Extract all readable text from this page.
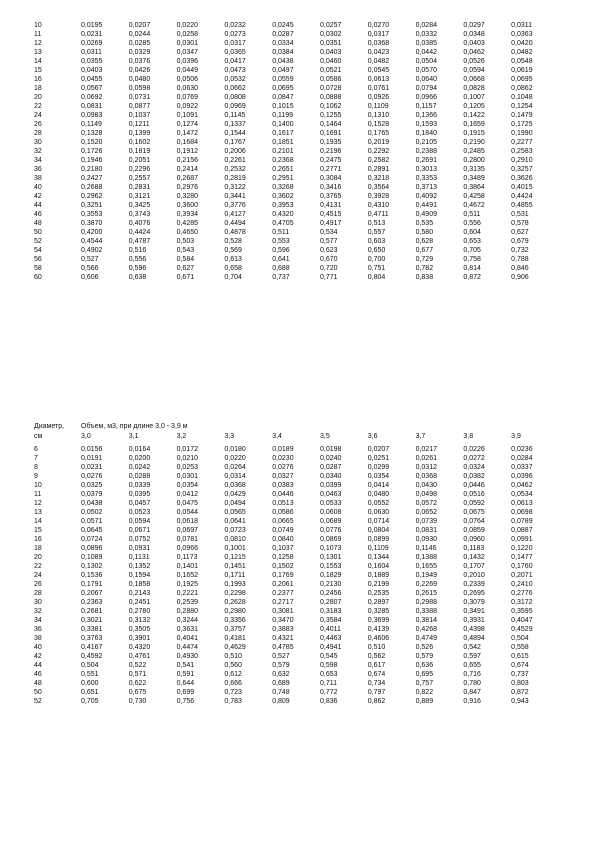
10	0,0195	0,0207	0,0220	0,0232	0,0245	0,0257	0,0270	0,0284	0,0297	0,0311
11	0,0231	0,0244	0,0258	0,0273	0,0287	0,0302	0,0317	0,0332	0,0348	0,0363
12	0,0269	0,0285	0,0301	0,0317	0,0334	0,0351	0,0368	0,0385	0,0403	0,0420
13	0,0311	0,0329	0,0347	0,0365	0,0384	0,0403	0,0423	0,0442	0,0462	0,0482
14	0,0355	0,0376	0,0396	0,0417	0,0438	0,0460	0,0482	0,0504	0,0526	0,0548
15	0,0403	0,0426	0,0449	0,0473	0,0497	0,0521	0,0545	0,0570	0,0594	0,0619
16	0,0455	0,0480	0,0506	0,0532	0,0559	0,0586	0,0613	0,0640	0,0668	0,0695
18	0,0567	0,0598	0,0630	0,0662	0,0695	0,0728	0,0761	0,0794	0,0828	0,0862
20	0,0692	0,0731	0,0769	0,0808	0,0847	0,0888	0,0926	0,0966	0,1007	0,1048
22	0,0831	0,0877	0,0922	0,0969	0,1015	0,1062	0,1109	0,1157	0,1205	0,1254
24	0,0983	0,1037	0,1091	0,1145	0,1199	0,1255	0,1310	0,1366	0,1422	0,1479
26	0,1149	0,1211	0,1274	0,1337	0,1400	0,1464	0,1528	0,1593	0,1659	0,1725
28	0,1328	0,1399	0,1472	0,1544	0,1617	0,1691	0,1765	0,1840	0,1915	0,1990
30	0,1520	0,1602	0,1684	0,1767	0,1851	0,1935	0,2019	0,2105	0,2190	0,2277
32	0,1726	0,1819	0,1912	0,2006	0,2101	0,2196	0,2292	0,2388	0,2485	0,2583
34	0,1946	0,2051	0,2156	0,2261	0,2368	0,2475	0,2582	0,2691	0,2800	0,2910
36	0,2180	0,2296	0,2414	0,2532	0,2651	0,2771	0,2891	0,3013	0,3135	0,3257
38	0,2427	0,2557	0,2687	0,2819	0,2951	0,3084	0,3218	0,3353	0,3489	0,3626
40	0,2688	0,2831	0,2976	0,3122	0,3268	0,3416	0,3564	0,3713	0,3864	0,4015
42	0,2962	0,3121	0,3280	0,3441	0,3602	0,3765	0,3928	0,4092	0,4258	0,4424
44	0,3251	0,3425	0,3600	0,3776	0,3953	0,4131	0,4310	0,4491	0,4672	0,4855
46	0,3553	0,3743	0,3934	0,4127	0,4320	0,4515	0,4711	0,4909	0,511	0,531
48	0,3870	0,4076	0,4285	0,4494	0,4705	0,4917	0,513	0,535	0,556	0,578
50	0,4200	0,4424	0,4650	0,4878	0,511	0,534	0,557	0,580	0,604	0,627
52	0,4544	0,4787	0,503	0,528	0,553	0,577	0,603	0,628	0,653	0,679
54	0,4902	0,516	0,543	0,569	0,596	0,623	0,650	0,677	0,705	0,732
56	0,527	0,556	0,584	0,613	0,641	0,670	0,700	0,729	0,758	0,788
58	0,566	0,596	0,627	0,658	0,688	0,720	0,751	0,782	0,814	0,846
60	0,606	0,638	0,671	0,704	0,737	0,771	0,804	0,838	0,872	0,906
Диаметр,	Объем, м3, при длине 3,0 - 3,9 м
см	3,0	3,1	3,2	3,3	3,4	3,5	3,6	3,7	3,8	3,9
6	0,0156	0,0164	0,0172	0,0180	0,0189	0,0198	0,0207	0,0217	0,0226	0,0236
7	0,0191	0,0200	0,0210	0,0220	0,0230	0,0240	0,0251	0,0261	0,0272	0,0284
8	0,0231	0,0242	0,0253	0,0264	0,0276	0,0287	0,0299	0,0312	0,0324	0,0337
9	0,0276	0,0288	0,0301	0,0314	0,0327	0,0340	0,0354	0,0368	0,0382	0,0396
10	0,0325	0,0339	0,0354	0,0368	0,0383	0,0399	0,0414	0,0430	0,0446	0,0462
11	0,0379	0,0395	0,0412	0,0429	0,0446	0,0463	0,0480	0,0498	0,0516	0,0534
12	0,0438	0,0457	0,0475	0,0494	0,0513	0,0533	0,0552	0,0572	0,0592	0,0613
13	0,0502	0,0523	0,0544	0,0565	0,0586	0,0608	0,0630	0,0652	0,0675	0,0698
14	0,0571	0,0594	0,0618	0,0641	0,0665	0,0689	0,0714	0,0739	0,0764	0,0789
15	0,0645	0,0671	0,0697	0,0723	0,0749	0,0776	0,0804	0,0831	0,0859	0,0887
16	0,0724	0,0752	0,0781	0,0810	0,0840	0,0869	0,0899	0,0930	0,0960	0,0991
18	0,0896	0,0931	0,0966	0,1001	0,1037	0,1073	0,1109	0,1146	0,1183	0,1220
20	0,1089	0,1131	0,1173	0,1215	0,1258	0,1301	0,1344	0,1388	0,1432	0,1477
22	0,1302	0,1352	0,1401	0,1451	0,1502	0,1553	0,1604	0,1655	0,1707	0,1760
24	0,1536	0,1594	0,1652	0,1711	0,1769	0,1829	0,1889	0,1949	0,2010	0,2071
26	0,1791	0,1858	0,1925	0,1993	0,2061	0,2130	0,2199	0,2269	0,2339	0,2410
28	0,2067	0,2143	0,2221	0,2298	0,2377	0,2456	0,2535	0,2615	0,2695	0,2776
30	0,2363	0,2451	0,2539	0,2628	0,2717	0,2807	0,2897	0,2988	0,3079	0,3172
32	0,2681	0,2780	0,2880	0,2980	0,3081	0,3183	0,3285	0,3388	0,3491	0,3595
34	0,3021	0,3132	0,3244	0,3356	0,3470	0,3584	0,3699	0,3814	0,3931	0,4047
36	0,3381	0,3505	0,3631	0,3757	0,3883	0,4011	0,4139	0,4268	0,4398	0,4529
38	0,3763	0,3901	0,4041	0,4181	0,4321	0,4463	0,4606	0,4749	0,4894	0,504
40	0,4167	0,4320	0,4474	0,4629	0,4785	0,4941	0,510	0,526	0,542	0,558
42	0,4592	0,4761	0,4930	0,510	0,527	0,545	0,562	0,579	0,597	0,615
44	0,504	0,522	0,541	0,560	0,579	0,598	0,617	0,636	0,655	0,674
46	0,551	0,571	0,591	0,612	0,632	0,653	0,674	0,695	0,716	0,737
48	0,600	0,622	0,644	0,666	0,689	0,711	0,734	0,757	0,780	0,803
50	0,651	0,675	0,699	0,723	0,748	0,772	0,797	0,822	0,847	0,872
52	0,705	0,730	0,756	0,783	0,809	0,836	0,862	0,889	0,916	0,943
